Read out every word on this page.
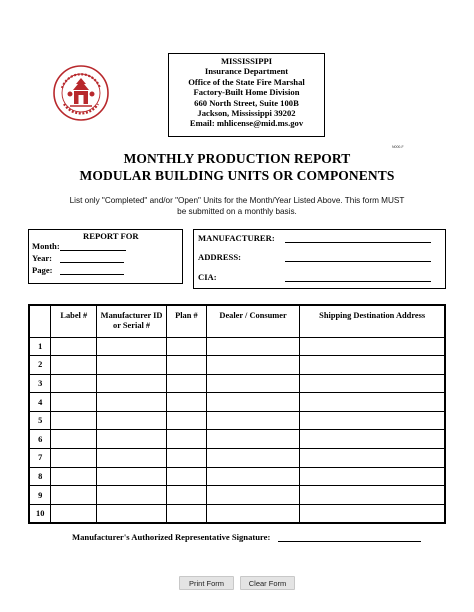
MISSISSIPPI
Insurance Department
Office of the State Fire Marshal
Factory-Built Home Division
660 North Street, Suite 100B
Jackson, Mississippi 39202
Email: mhlicense@mid.ms.gov
N000-F
MONTHLY PRODUCTION REPORT
MODULAR BUILDING UNITS OR COMPONENTS
List only "Completed" and/or "Open" Units for the Month/Year Listed Above. This form MUST
be submitted on a monthly basis.
REPORT FOR
Month:
Year:
Page:
MANUFACTURER:
ADDRESS:
CIA:
	Label #	Manufacturer ID or Serial #	Plan #	Dealer / Consumer	Shipping Destination Address
1					
2					
3					
4					
5					
6					
7					
8					
9					
10					
Manufacturer's Authorized Representative Signature:
Print Form	Clear Form
